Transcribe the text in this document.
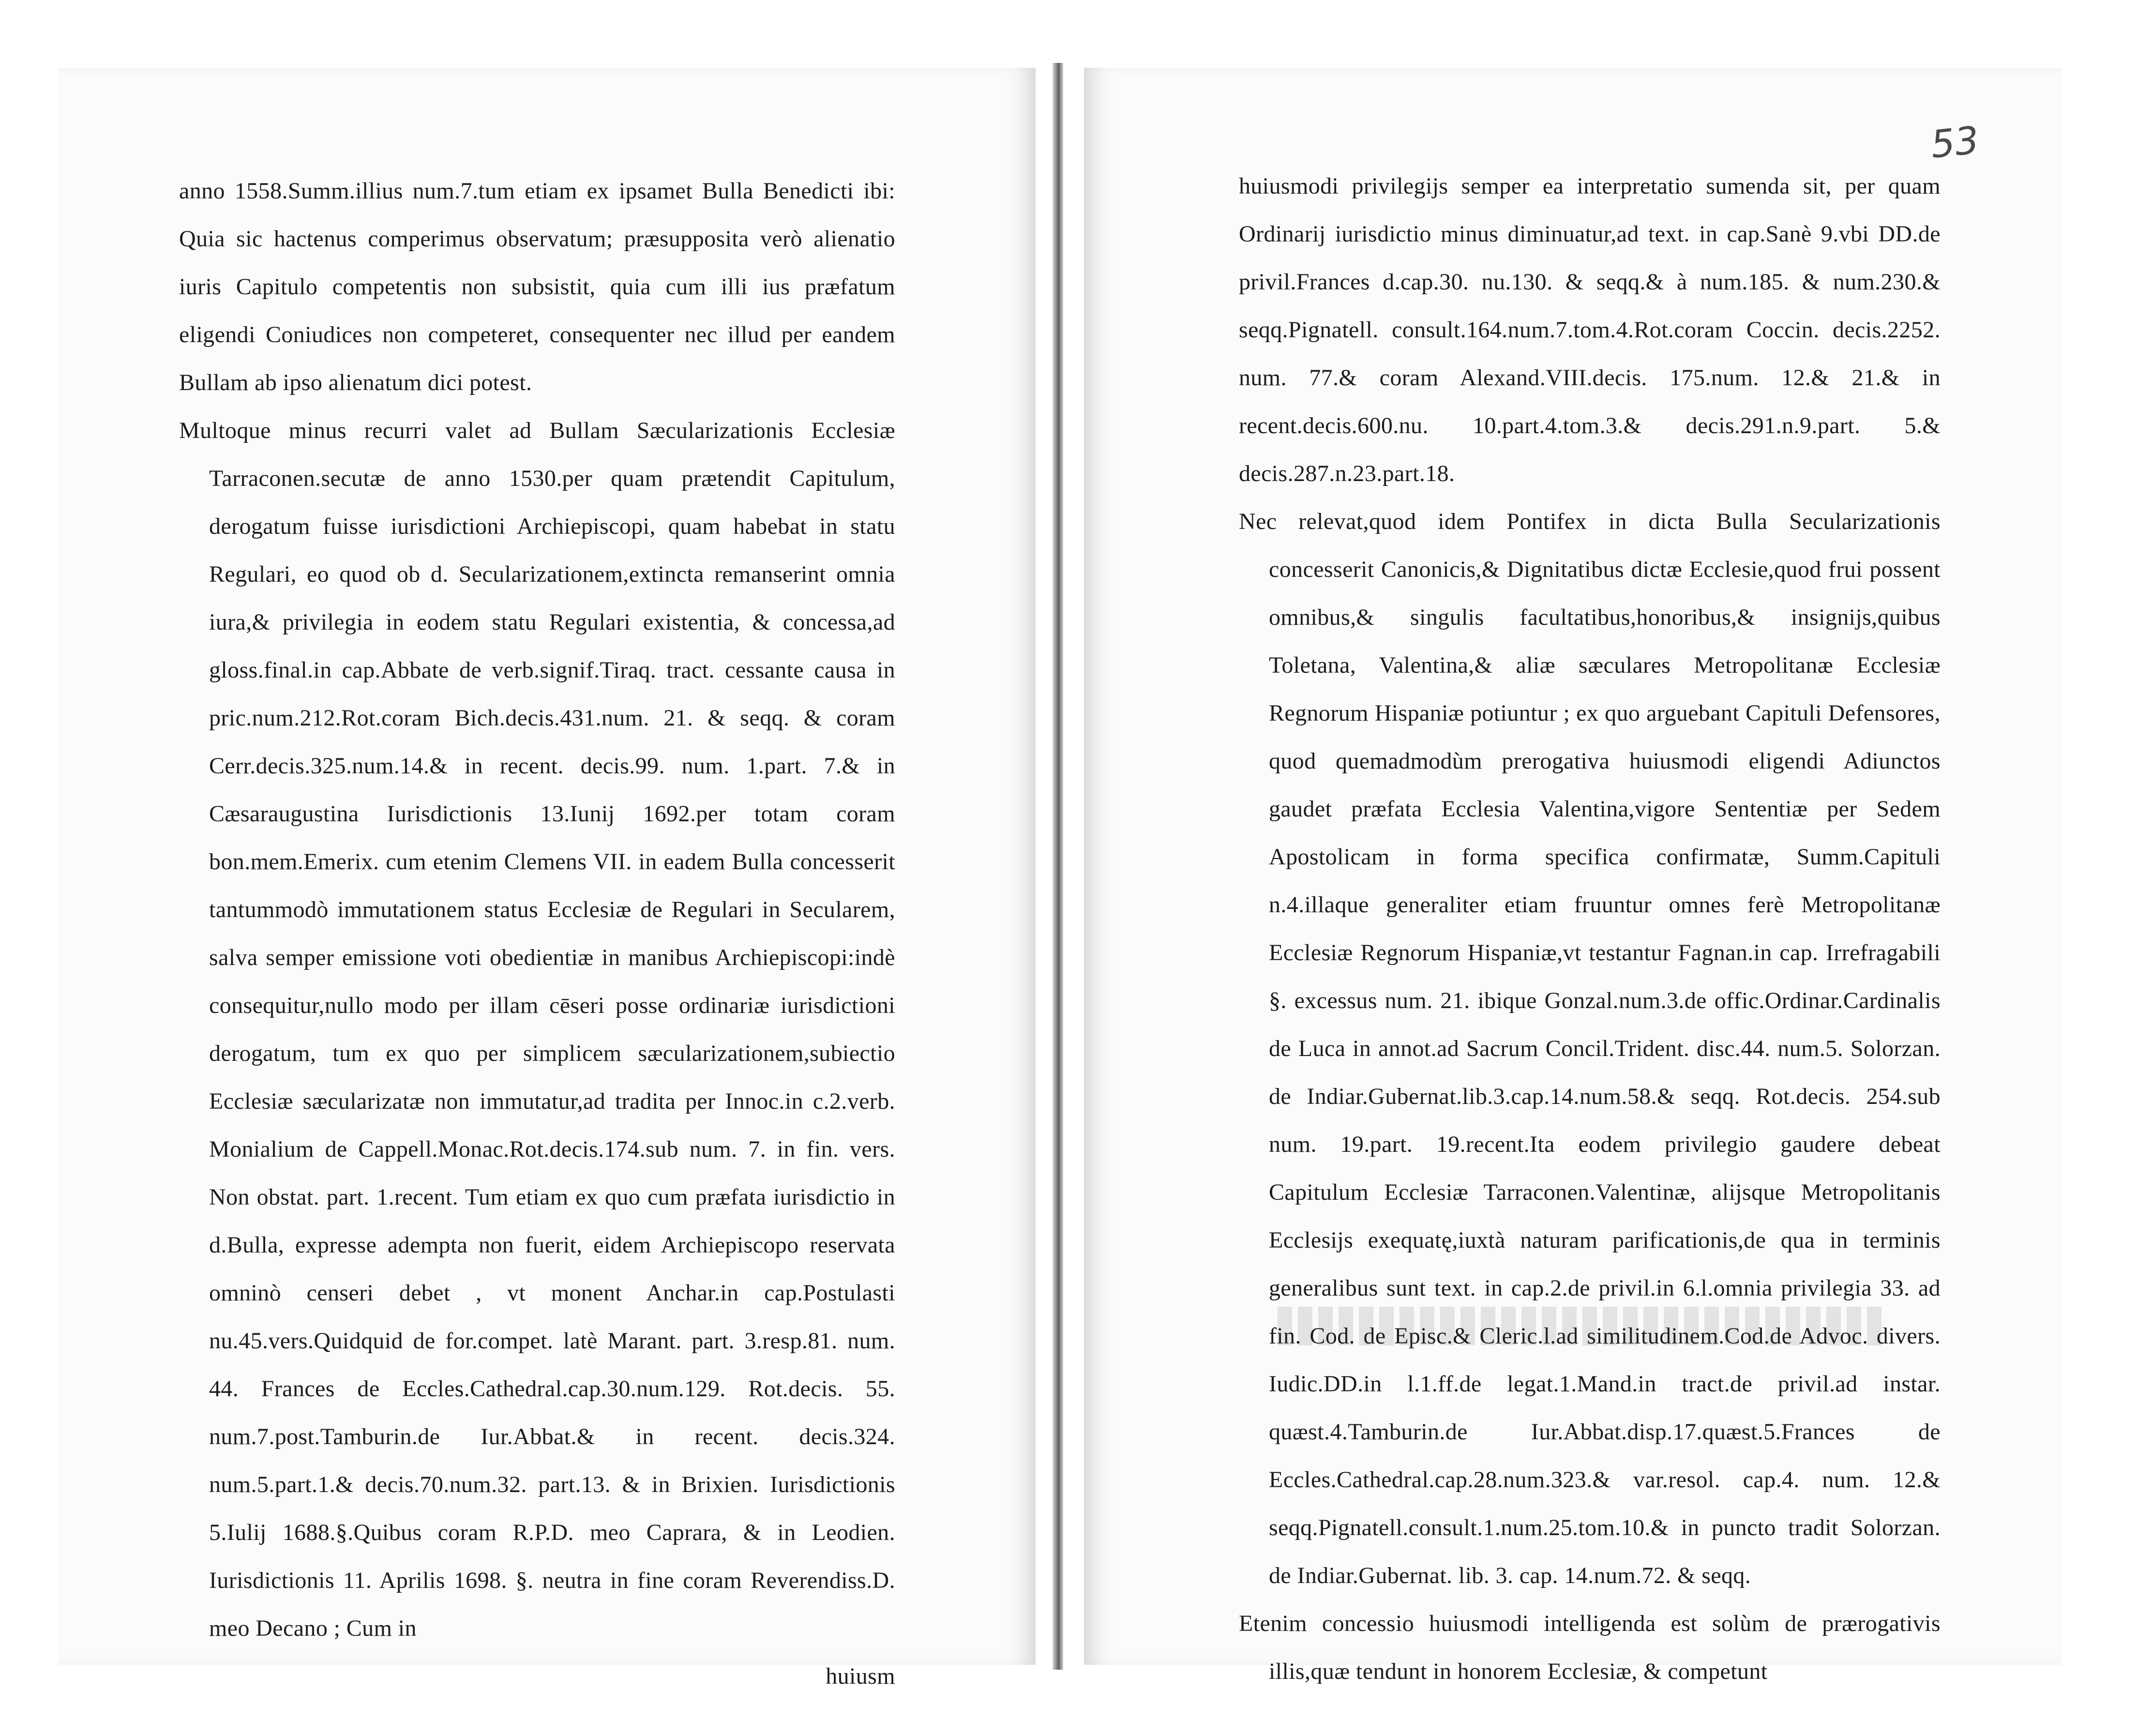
53

anno 1558.Summ.illius num.7.tum etiam ex ipsamet Bulla Benedicti ibi: Quia sic hactenus comperimus observatum; præsupposita verò alienatio iuris Capitulo competentis non subsistit, quia cum illi ius præfatum eligendi Coniudices non competeret, consequenter nec illud per eandem Bullam ab ipso alienatum dici potest.

Multoque minus recurri valet ad Bullam Sæcularizationis Ecclesiæ Tarraconen.secutæ de anno 1530.per quam prætendit Capitulum, derogatum fuisse iurisdictioni Archiepiscopi, quam habebat in statu Regulari, eo quod ob d. Secularizationem,extincta remanserint omnia iura,& privilegia in eodem statu Regulari existentia, & concessa,ad gloss.final.in cap.Abbate de verb.signif.Tiraq. tract. cessante causa in pric.num.212.Rot.coram Bich.decis.431.num. 21. & seqq. & coram Cerr.decis.325.num.14.& in recent. decis.99. num. 1.part. 7.& in Cæsaraugustina Iurisdictionis 13.Iunij 1692.per totam coram bon.mem.Emerix. cum etenim Clemens VII. in eadem Bulla concesserit tantummodò immutationem status Ecclesiæ de Regulari in Secularem, salva semper emissione voti obedientiæ in manibus Archiepiscopi:indè consequitur,nullo modo per illam cēseri posse ordinariæ iurisdictioni derogatum, tum ex quo per simplicem sæcularizationem,subiectio Ecclesiæ sæcularizatæ non immutatur,ad tradita per Innoc.in c.2.verb. Monialium de Cappell.Monac.Rot.decis.174.sub num. 7. in fin. vers. Non obstat. part. 1.recent. Tum etiam ex quo cum præfata iurisdictio in d.Bulla, expresse adempta non fuerit, eidem Archiepiscopo reservata omninò censeri debet , vt monent Anchar.in cap.Postulasti nu.45.vers.Quidquid de for.compet. latè Marant. part. 3.resp.81. num. 44. Frances de Eccles.Cathedral.cap.30.num.129. Rot.decis. 55. num.7.post.Tamburin.de Iur.Abbat.& in recent. decis.324. num.5.part.1.& decis.70.num.32. part.13. & in Brixien. Iurisdictionis 5.Iulij 1688.§.Quibus coram R.P.D. meo Caprara, & in Leodien. Iurisdictionis 11. Aprilis 1698. §. neutra in fine coram Reverendiss.D. meo Decano ; Cum in

huiusm

huiusmodi privilegijs semper ea interpretatio sumenda sit, per quam Ordinarij iurisdictio minus diminuatur,ad text. in cap.Sanè 9.vbi DD.de privil.Frances d.cap.30. nu.130. & seqq.& à num.185. & num.230.& seqq.Pignatell. consult.164.num.7.tom.4.Rot.coram Coccin. decis.2252. num. 77.& coram Alexand.VIII.decis. 175.num. 12.& 21.& in recent.decis.600.nu. 10.part.4.tom.3.& decis.291.n.9.part. 5.& decis.287.n.23.part.18.

Nec relevat,quod idem Pontifex in dicta Bulla Secularizationis concesserit Canonicis,& Dignitatibus dictæ Ecclesie,quod frui possent omnibus,& singulis facultatibus,honoribus,& insignijs,quibus Toletana, Valentina,& aliæ sæculares Metropolitanæ Ecclesiæ Regnorum Hispaniæ potiuntur ; ex quo arguebant Capituli Defensores, quod quemadmodùm prerogativa huiusmodi eligendi Adiunctos gaudet præfata Ecclesia Valentina,vigore Sententiæ per Sedem Apostolicam in forma specifica confirmatæ, Summ.Capituli n.4.illaque generaliter etiam fruuntur omnes ferè Metropolitanæ Ecclesiæ Regnorum Hispaniæ,vt testantur Fagnan.in cap. Irrefragabili §. excessus num. 21. ibique Gonzal.num.3.de offic.Ordinar.Cardinalis de Luca in annot.ad Sacrum Concil.Trident. disc.44. num.5. Solorzan. de Indiar.Gubernat.lib.3.cap.14.num.58.& seqq. Rot.decis. 254.sub num. 19.part. 19.recent.Ita eodem privilegio gaudere debeat Capitulum Ecclesiæ Tarraconen.Valentinæ, alijsque Metropolitanis Ecclesijs exequatę,iuxtà naturam parificationis,de qua in terminis generalibus sunt text. in cap.2.de privil.in 6.l.omnia privilegia 33. ad fin. Cod. de Episc.& Cleric.l.ad similitudinem.Cod.de Advoc. divers. Iudic.DD.in l.1.ff.de legat.1.Mand.in tract.de privil.ad instar. quæst.4.Tamburin.de Iur.Abbat.disp.17.quæst.5.Frances de Eccles.Cathedral.cap.28.num.323.& var.resol. cap.4. num. 12.& seqq.Pignatell.consult.1.num.25.tom.10.& in puncto tradit Solorzan. de Indiar.Gubernat. lib. 3. cap. 14.num.72. & seqq.

Etenim concessio huiusmodi intelligenda est solùm de prærogativis illis,quæ tendunt in honorem Ecclesiæ, & competunt
